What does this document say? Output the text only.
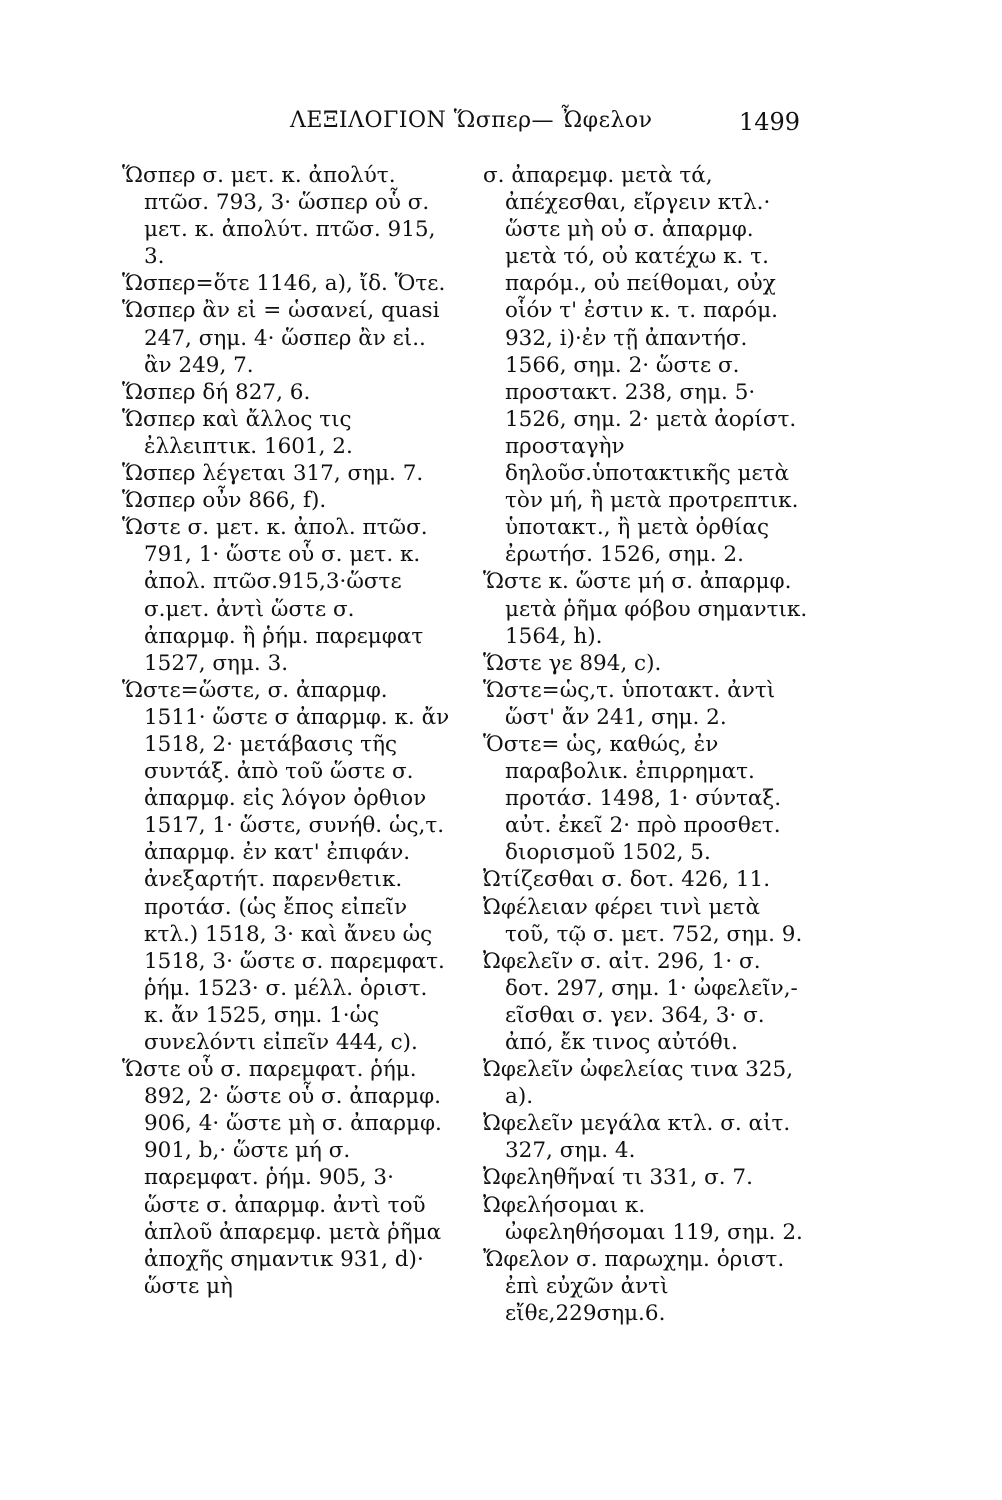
ΛΕΞΙΛΟΓΙΟΝ Ὥσπερ— Ὦφελον	1499

Ὥσπερ σ. μετ. κ. ἀπολύτ. πτῶσ. 793, 3· ὥσπερ οὗ σ. μετ. κ. ἀπολύτ. πτῶσ. 915, 3.

Ὥσπερ=ὅτε 1146, a), ἴδ. Ὅτε.

Ὥσπερ ἂν εἰ = ὡσανεί, quasi 247, σημ. 4· ὥσπερ ἂν εἰ.. ἂν 249, 7.

Ὥσπερ δή 827, 6.

Ὥσπερ καὶ ἄλλος τις ἐλλειπτικ. 1601, 2.

Ὥσπερ λέγεται 317, σημ. 7.

Ὥσπερ οὖν 866, f).

Ὥστε σ. μετ. κ. ἀπολ. πτῶσ. 791, 1· ὥστε οὗ σ. μετ. κ. ἀπολ. πτῶσ.915,3·ὥστε σ.μετ. ἀντὶ ὥστε σ. ἀπαρμφ. ἢ ῥήμ. παρεμφατ 1527, σημ. 3.

Ὥστε=ὥστε, σ. ἀπαρμφ. 1511· ὥστε σ ἀπαρμφ. κ. ἄν 1518, 2· μετάβασις τῆς συντάξ. ἀπὸ τοῦ ὥστε σ. ἀπαρμφ. εἰς λόγον ὀρθιον 1517, 1· ὥστε, συνήθ. ὡς,τ. ἀπαρμφ. ἐν κατ' ἐπιφάν. ἀνεξαρτήτ. παρενθετικ. προτάσ. (ὡς ἔπος εἰπεῖν κτλ.) 1518, 3· καὶ ἄνευ ὡς 1518, 3· ὥστε σ. παρεμφατ. ῥήμ. 1523· σ. μέλλ. ὁριστ. κ. ἄν 1525, σημ. 1·ὡς συνελόντι εἰπεῖν 444, c).

Ὥστε οὗ σ. παρεμφατ. ῥήμ. 892, 2· ὥστε οὗ σ. ἀπαρμφ. 906, 4· ὥστε μὴ σ. ἀπαρμφ. 901, b,· ὥστε μή σ. παρεμφατ. ῥήμ. 905, 3· ὥστε σ. ἀπαρμφ. ἀντὶ τοῦ ἁπλοῦ ἀπαρεμφ. μετὰ ῥῆμα ἀποχῆς σημαντικ 931, d)· ὥστε μὴ

σ. ἀπαρεμφ. μετὰ τά, ἀπέχεσθαι, εἴργειν κτλ.· ὥστε μὴ οὐ σ. ἀπαρμφ. μετὰ τό, οὐ κατέχω κ. τ. παρόμ., οὐ πείθομαι, οὐχ οἷόν τ' ἐστιν κ. τ. παρόμ. 932, i)·ἐν τῇ ἀπαντήσ. 1566, σημ. 2· ὥστε σ. προστακτ. 238, σημ. 5· 1526, σημ. 2· μετὰ ἀορίστ. προσταγὴν δηλοῦσ.ὑποτακτικῆς μετὰ τὸν μή, ἢ μετὰ προτρεπτικ. ὑποτακτ., ἢ μετὰ ὀρθίας ἐρωτήσ. 1526, σημ. 2.

Ὥστε κ. ὥστε μή σ. ἀπαρμφ. μετὰ ῥῆμα φόβου σημαντικ. 1564, h).

Ὥστε γε 894, c).

Ὥστε=ὡς,τ. ὑποτακτ. ἀντὶ ὥστ' ἄν 241, σημ. 2.

Ὅστε= ὡς, καθώς, ἐν παραβολικ. ἐπιρρηματ. προτάσ. 1498, 1· σύνταξ. αὐτ. ἐκεῖ 2· πρὸ προσθετ. διορισμοῦ 1502, 5.

Ὠτίζεσθαι σ. δοτ. 426, 11.

Ὠφέλειαν φέρει τινὶ μετὰ τοῦ, τῷ σ. μετ. 752, σημ. 9.

Ὠφελεῖν σ. αἰτ. 296, 1· σ. δοτ. 297, σημ. 1· ὠφελεῖν,-εῖσθαι σ. γεν. 364, 3· σ. ἀπό, ἔκ τινος αὐτόθι.

Ὠφελεῖν ὠφελείας τινα 325, a).

Ὠφελεῖν μεγάλα κτλ. σ. αἰτ. 327, σημ. 4.

Ὠφεληθῆναί τι 331, σ. 7.

Ὠφελήσομαι κ. ὠφεληθήσομαι 119, σημ. 2.

Ὤφελον σ. παρωχημ. ὁριστ. ἐπὶ εὐχῶν ἀντὶ εἴθε,229σημ.6.
